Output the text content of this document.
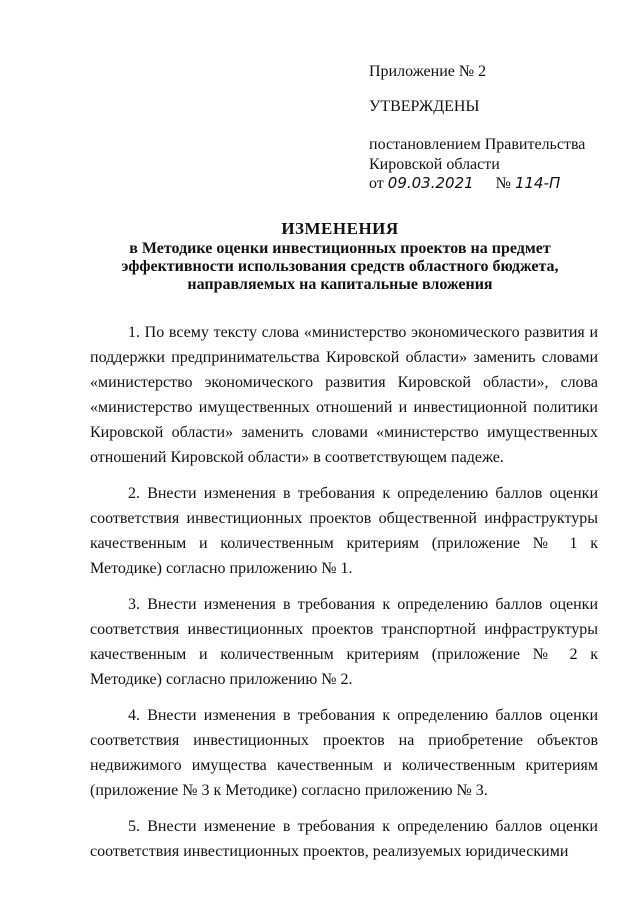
Приложение № 2
УТВЕРЖДЕНЫ
постановлением Правительства
Кировской области
от 09.03.2021 № 114-П
ИЗМЕНЕНИЯ
в Методике оценки инвестиционных проектов на предмет
эффективности использования средств областного бюджета,
направляемых на капитальные вложения

1. По всему тексту слова «министерство экономического развития и поддержки предпринимательства Кировской области» заменить словами «министерство экономического развития Кировской области», слова «министерство имущественных отношений и инвестиционной политики Кировской области» заменить словами «министерство имущественных отношений Кировской области» в соответствующем падеже.

2. Внести изменения в требования к определению баллов оценки соответствия инвестиционных проектов общественной инфраструктуры качественным и количественным критериям (приложение № 1 к Методике) согласно приложению № 1.

3. Внести изменения в требования к определению баллов оценки соответствия инвестиционных проектов транспортной инфраструктуры качественным и количественным критериям (приложение № 2 к Методике) согласно приложению № 2.

4. Внести изменения в требования к определению баллов оценки соответствия инвестиционных проектов на приобретение объектов недвижимого имущества качественным и количественным критериям (приложение № 3 к Методике) согласно приложению № 3.

5. Внести изменение в требования к определению баллов оценки соответствия инвестиционных проектов, реализуемых юридическими
